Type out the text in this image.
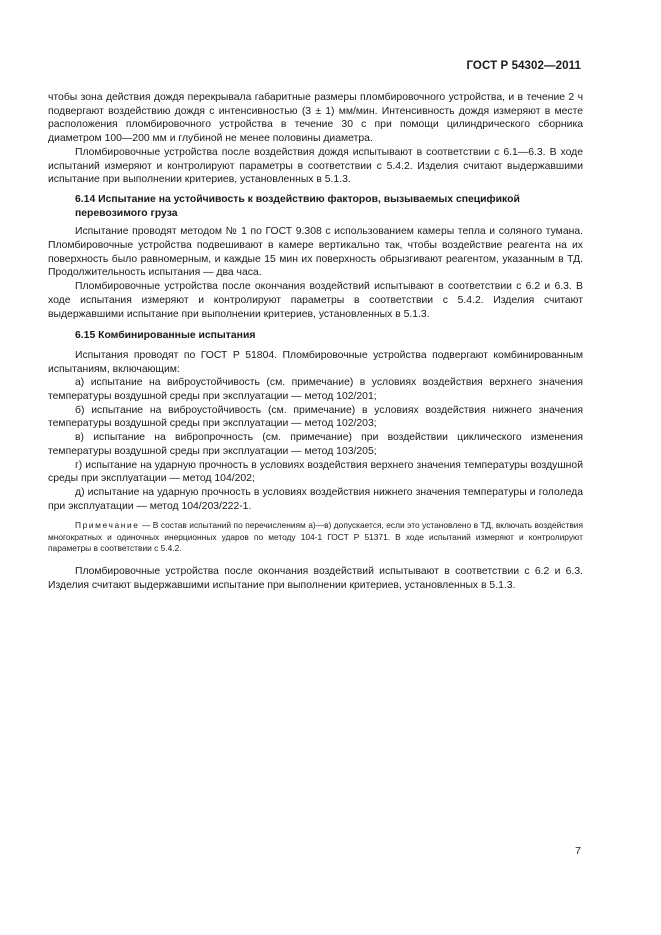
ГОСТ Р 54302—2011

чтобы зона действия дождя перекрывала габаритные размеры пломбировочного устройства, и в течение 2 ч подвергают воздействию дождя с интенсивностью (3 ± 1) мм/мин. Интенсивность дождя измеряют в месте расположения пломбировочного устройства в течение 30 с при помощи цилиндрического сборника диаметром 100—200 мм и глубиной не менее половины диаметра.

Пломбировочные устройства после воздействия дождя испытывают в соответствии с 6.1—6.3. В ходе испытаний измеряют и контролируют параметры в соответствии с 5.4.2. Изделия считают выдержавшими испытание при выполнении критериев, установленных в 5.1.3.

6.14 Испытание на устойчивость к воздействию факторов, вызываемых спецификой перевозимого груза

Испытание проводят методом № 1 по ГОСТ 9.308 с использованием камеры тепла и соляного тумана. Пломбировочные устройства подвешивают в камере вертикально так, чтобы воздействие реагента на их поверхность было равномерным, и каждые 15 мин их поверхность обрызгивают реагентом, указанным в ТД. Продолжительность испытания — два часа.

Пломбировочные устройства после окончания воздействий испытывают в соответствии с 6.2 и 6.3. В ходе испытания измеряют и контролируют параметры в соответствии с 5.4.2. Изделия считают выдержавшими испытание при выполнении критериев, установленных в 5.1.3.

6.15 Комбинированные испытания

Испытания проводят по ГОСТ Р 51804. Пломбировочные устройства подвергают комбинированным испытаниям, включающим:

а) испытание на виброустойчивость (см. примечание) в условиях воздействия верхнего значения температуры воздушной среды при эксплуатации — метод 102/201;

б) испытание на виброустойчивость (см. примечание) в условиях воздействия нижнего значения температуры воздушной среды при эксплуатации — метод 102/203;

в) испытание на вибропрочность (см. примечание) при воздействии циклического изменения температуры воздушной среды при эксплуатации — метод 103/205;

г) испытание на ударную прочность в условиях воздействия верхнего значения температуры воздушной среды при эксплуатации — метод 104/202;

д) испытание на ударную прочность в условиях воздействия нижнего значения температуры и гололеда при эксплуатации — метод 104/203/222-1.

Примечание — В состав испытаний по перечислениям а)—в) допускается, если это установлено в ТД, включать воздействия многократных и одиночных инерционных ударов по методу 104-1 ГОСТ Р 51371. В ходе испытаний измеряют и контролируют параметры в соответствии с 5.4.2.

Пломбировочные устройства после окончания воздействий испытывают в соответствии с 6.2 и 6.3. Изделия считают выдержавшими испытание при выполнении критериев, установленных в 5.1.3.

7
